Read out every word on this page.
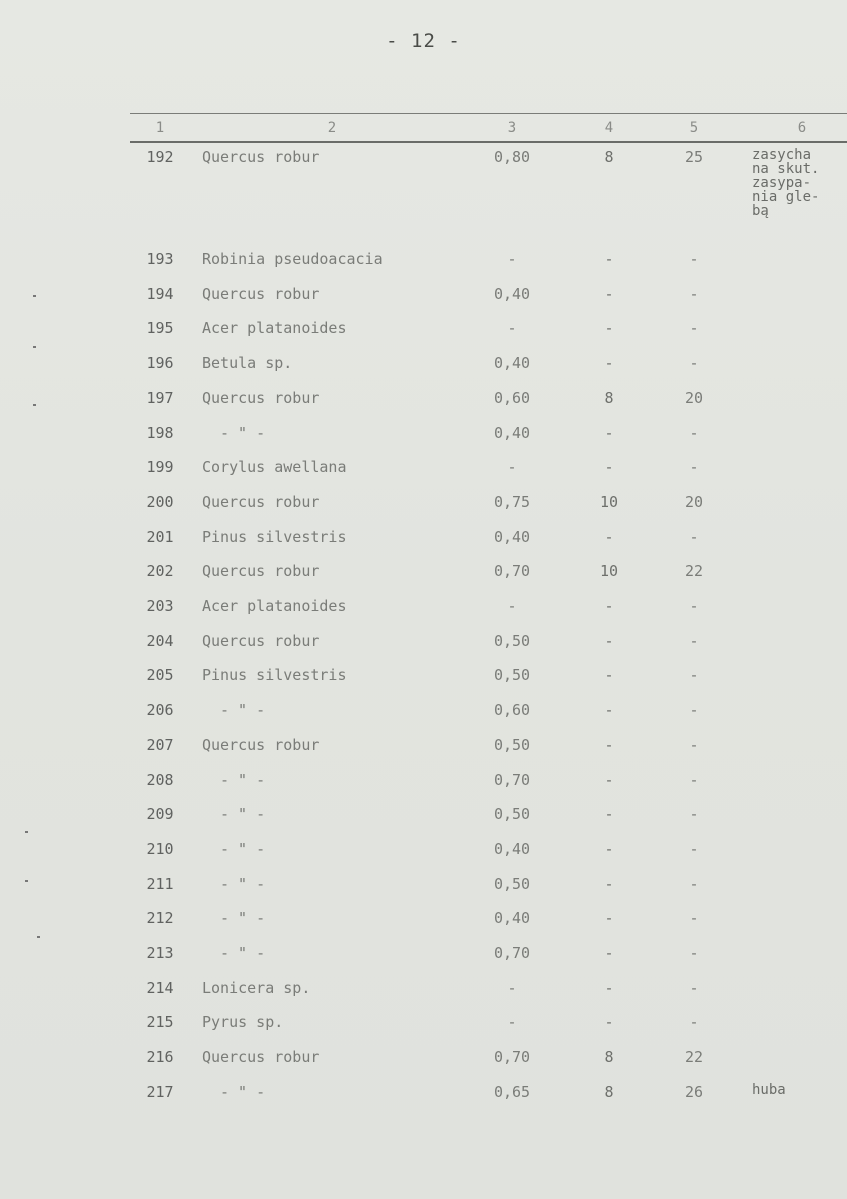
- 12 -
1	2	3	4	5	6
192	Quercus robur	0,80	8	25	zasycha
na skut.
zasypa-
nia gle-
bą
193	Robinia pseudoacacia	-	-	-
194	Quercus robur	0,40	-	-
195	Acer platanoides	-	-	-
196	Betula sp.	0,40	-	-
197	Quercus robur	0,60	8	20
198	- " -	0,40	-	-
199	Corylus awellana	-	-	-
200	Quercus robur	0,75	10	20
201	Pinus silvestris	0,40	-	-
202	Quercus robur	0,70	10	22
203	Acer platanoides	-	-	-
204	Quercus robur	0,50	-	-
205	Pinus silvestris	0,50	-	-
206	- " -	0,60	-	-
207	Quercus robur	0,50	-	-
208	- " -	0,70	-	-
209	- " -	0,50	-	-
210	- " -	0,40	-	-
211	- " -	0,50	-	-
212	- " -	0,40	-	-
213	- " -	0,70	-	-
214	Lonicera sp.	-	-	-
215	Pyrus sp.	-	-	-
216	Quercus robur	0,70	8	22
217	- " -	0,65	8	26	huba
